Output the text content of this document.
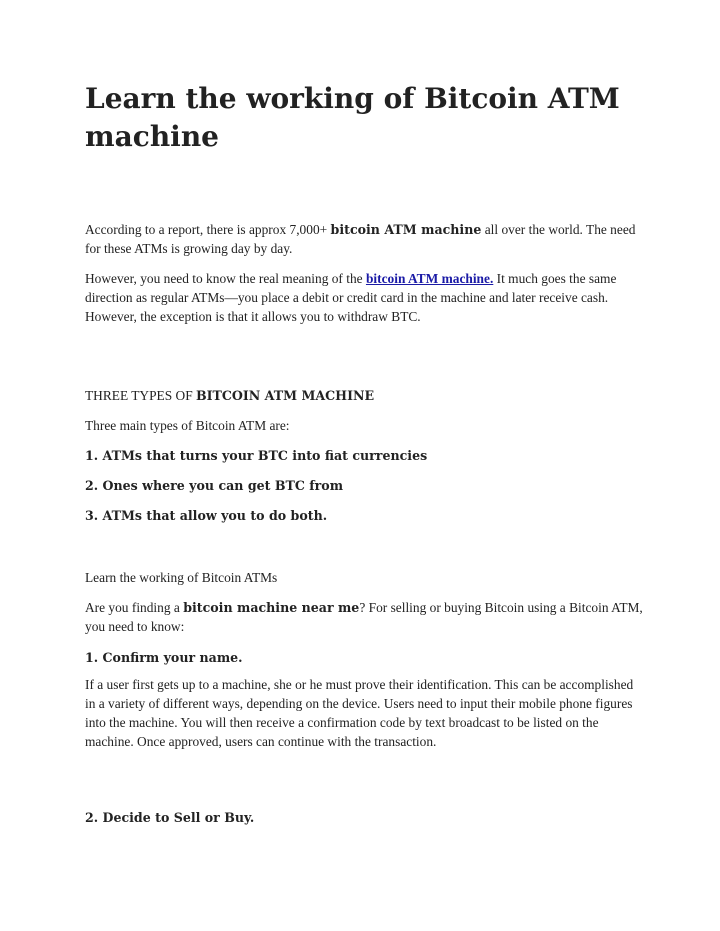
Learn the working of Bitcoin ATM machine

According to a report, there is approx 7,000+ bitcoin ATM machine all over the world. The need for these ATMs is growing day by day.

However, you need to know the real meaning of the bitcoin ATM machine. It much goes the same direction as regular ATMs—you place a debit or credit card in the machine and later receive cash. However, the exception is that it allows you to withdraw BTC.

THREE TYPES OF BITCOIN ATM MACHINE

Three main types of Bitcoin ATM are:

1. ATMs that turns your BTC into fiat currencies

2. Ones where you can get BTC from

3. ATMs that allow you to do both.

Learn the working of Bitcoin ATMs

Are you finding a bitcoin machine near me? For selling or buying Bitcoin using a Bitcoin ATM, you need to know:

1. Confirm your name.

If a user first gets up to a machine, she or he must prove their identification. This can be accomplished in a variety of different ways, depending on the device. Users need to input their mobile phone figures into the machine. You will then receive a confirmation code by text broadcast to be listed on the machine. Once approved, users can continue with the transaction.

2. Decide to Sell or Buy.
